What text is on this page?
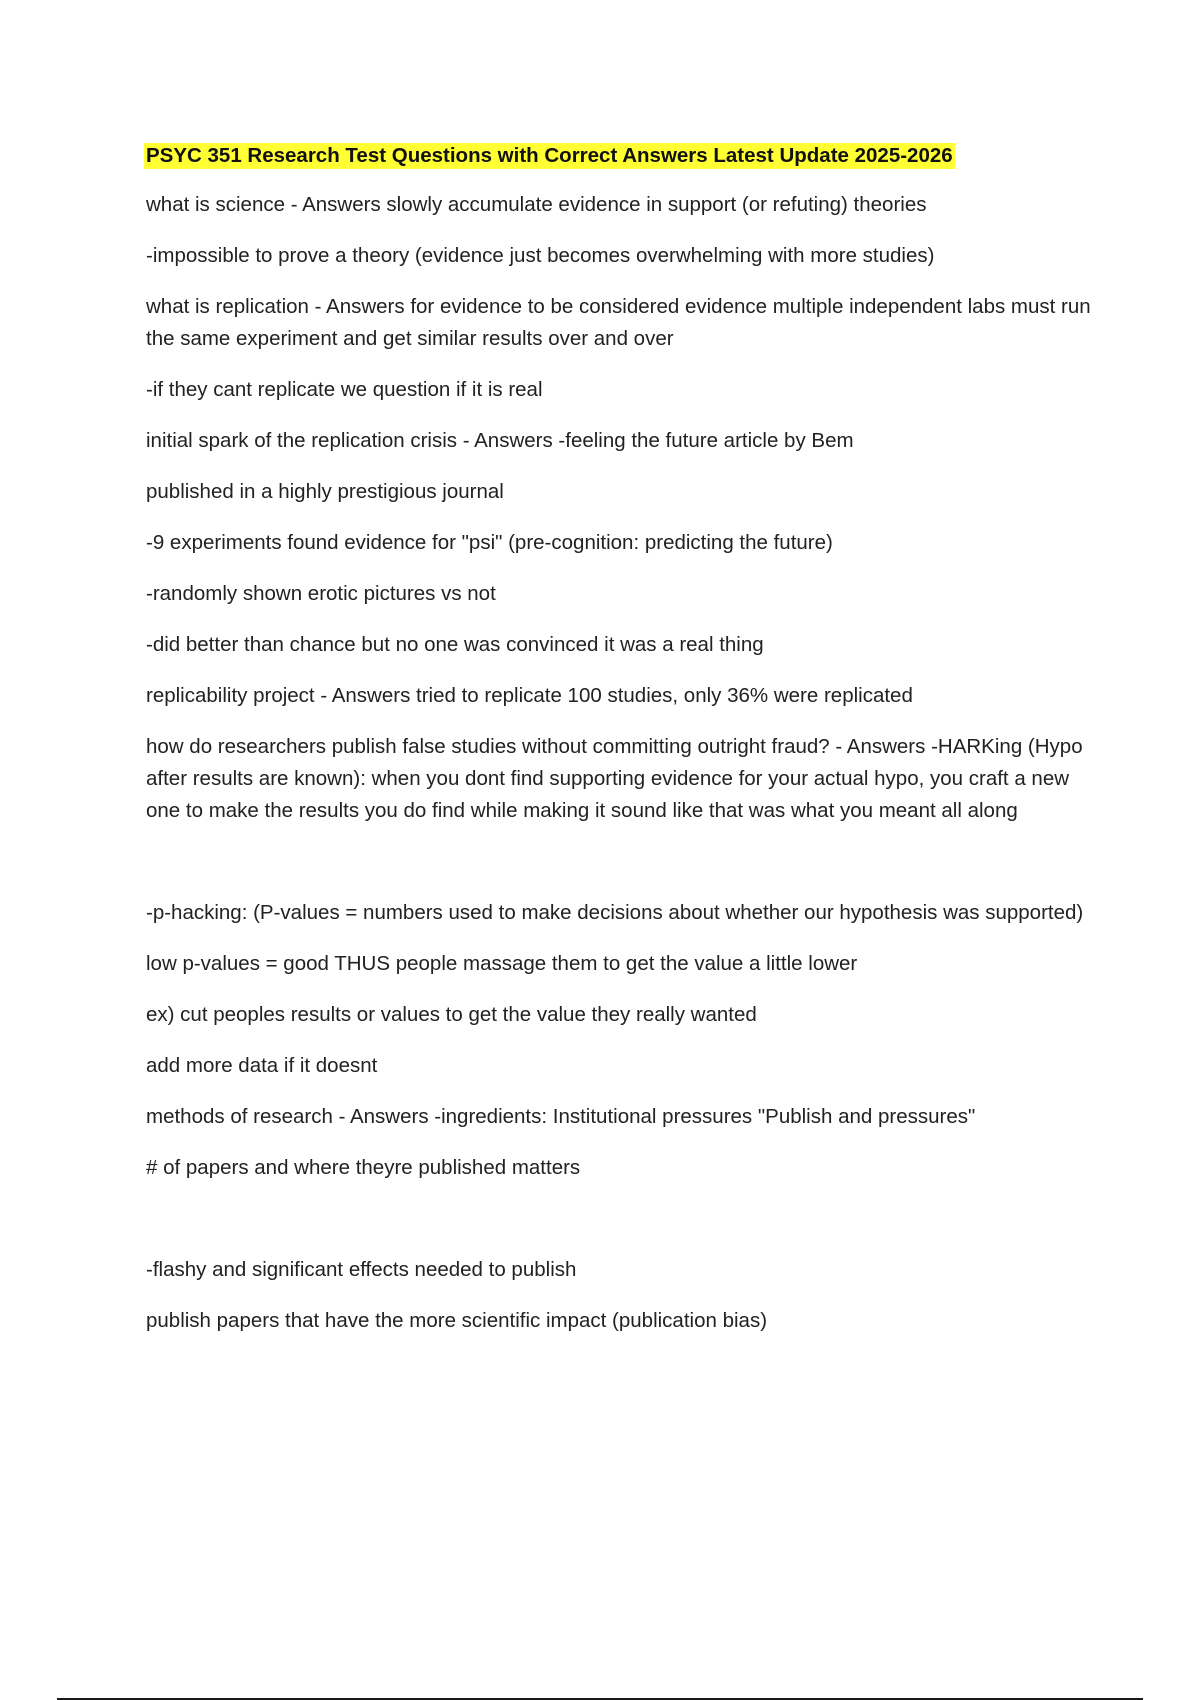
PSYC 351 Research Test Questions with Correct Answers Latest Update 2025-2026
what is science - Answers slowly accumulate evidence in support (or refuting) theories
-impossible to prove a theory (evidence just becomes overwhelming with more studies)
what is replication - Answers for evidence to be considered evidence multiple independent labs must run the same experiment and get similar results over and over
-if they cant replicate we question if it is real
initial spark of the replication crisis - Answers -feeling the future article by Bem
published in a highly prestigious journal
-9 experiments found evidence for "psi" (pre-cognition: predicting the future)
-randomly shown erotic pictures vs not
-did better than chance but no one was convinced it was a real thing
replicability project - Answers tried to replicate 100 studies, only 36% were replicated
how do researchers publish false studies without committing outright fraud? - Answers -HARKing (Hypo after results are known): when you dont find supporting evidence for your actual hypo, you craft a new one to make the results you do find while making it sound like that was what you meant all along
-p-hacking: (P-values = numbers used to make decisions about whether our hypothesis was supported)
low p-values = good THUS people massage them to get the value a little lower
ex) cut peoples results or values to get the value they really wanted
add more data if it doesnt
methods of research - Answers -ingredients: Institutional pressures "Publish and pressures"
# of papers and where theyre published matters
-flashy and significant effects needed to publish
publish papers that have the more scientific impact (publication bias)
